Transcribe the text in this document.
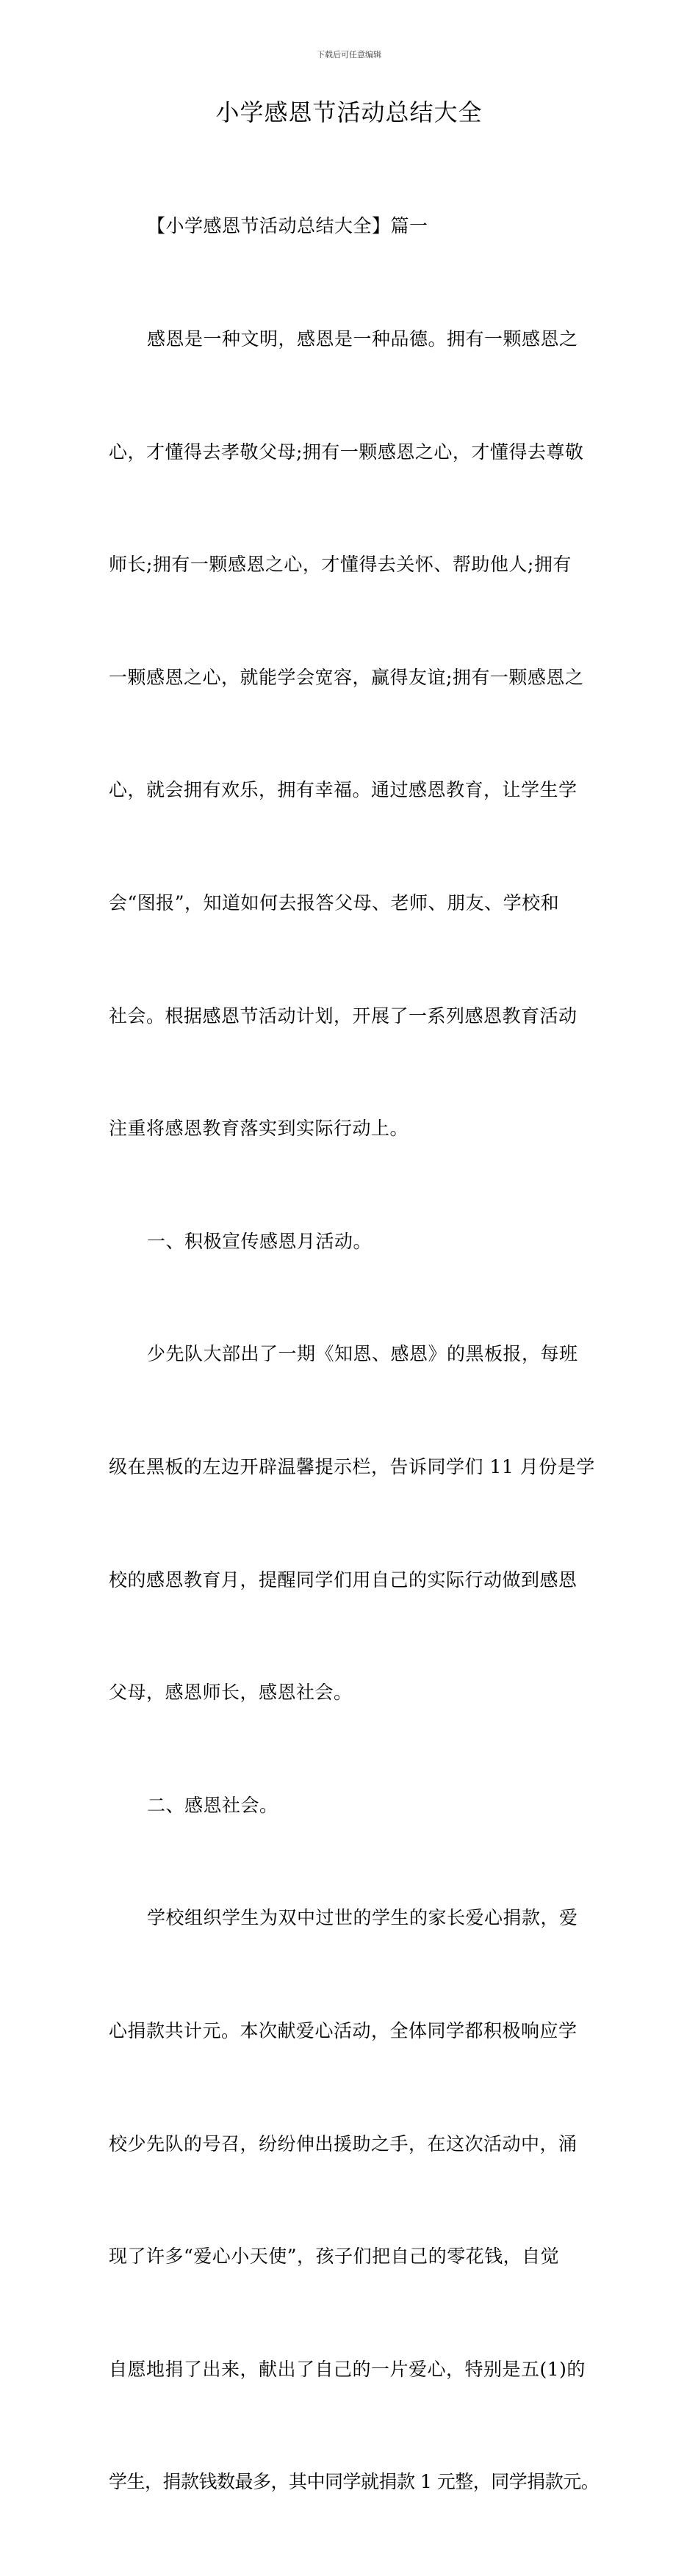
下载后可任意编辑
小学感恩节活动总结大全

【小学感恩节活动总结大全】篇一

感恩是一种文明，感恩是一种品德。拥有一颗感恩之

心，才懂得去孝敬父母;拥有一颗感恩之心，才懂得去尊敬

师长;拥有一颗感恩之心，才懂得去关怀、帮助他人;拥有

一颗感恩之心，就能学会宽容，赢得友谊;拥有一颗感恩之

心，就会拥有欢乐，拥有幸福。通过感恩教育，让学生学

会“图报”，知道如何去报答父母、老师、朋友、学校和

社会。根据感恩节活动计划，开展了一系列感恩教育活动

注重将感恩教育落实到实际行动上。

一、积极宣传感恩月活动。

少先队大部出了一期《知恩、感恩》的黑板报，每班

级在黑板的左边开辟温馨提示栏，告诉同学们 11 月份是学

校的感恩教育月，提醒同学们用自己的实际行动做到感恩

父母，感恩师长，感恩社会。

二、感恩社会。

学校组织学生为双中过世的学生的家长爱心捐款，爱

心捐款共计元。本次献爱心活动，全体同学都积极响应学

校少先队的号召，纷纷伸出援助之手，在这次活动中，涌

现了许多“爱心小天使”，孩子们把自己的零花钱，自觉

自愿地捐了出来，献出了自己的一片爱心，特别是五(1)的

学生，捐款钱数最多，其中同学就捐款 1 元整，同学捐款元。
